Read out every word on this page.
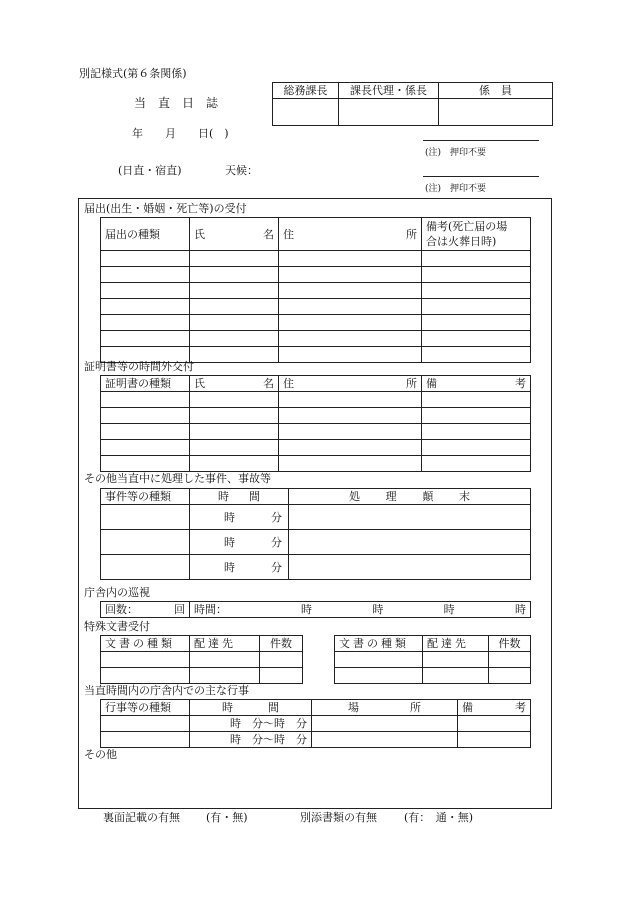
別記様式(第６条関係)
当　直　日　誌
年　　月　　日(　)
(日直・宿直)	天候：
総務課長	課長代理・係長	係　員

(注)　押印不要
(注)　押印不要
届出(出生・婚姻・死亡等)の受付
届出の種類	氏 名	住 所	備考(死亡届の場
合は火葬日時)

証明書等の時間外交付
証明書の種類	氏 名	住 所	備 考

その他当直中に処理した事件、事故等
事件等の種類	時 間	処 理 顛 末

	時 分	

	時 分	

	時 分	

庁舎内の巡視
回数：	回	時間：	時	時	時	時
特殊文書受付
文書の種類	配達先	件数

			文書の種類	配達先	件数

当直時間内の庁舎内での主な行事
行事等の種類	時 間	場 所	備 考

	時　分～時　分		
	時　分～時　分		
その他
裏面記載の有無 (有・無)	別添書類の有無 (有：　通・無)
